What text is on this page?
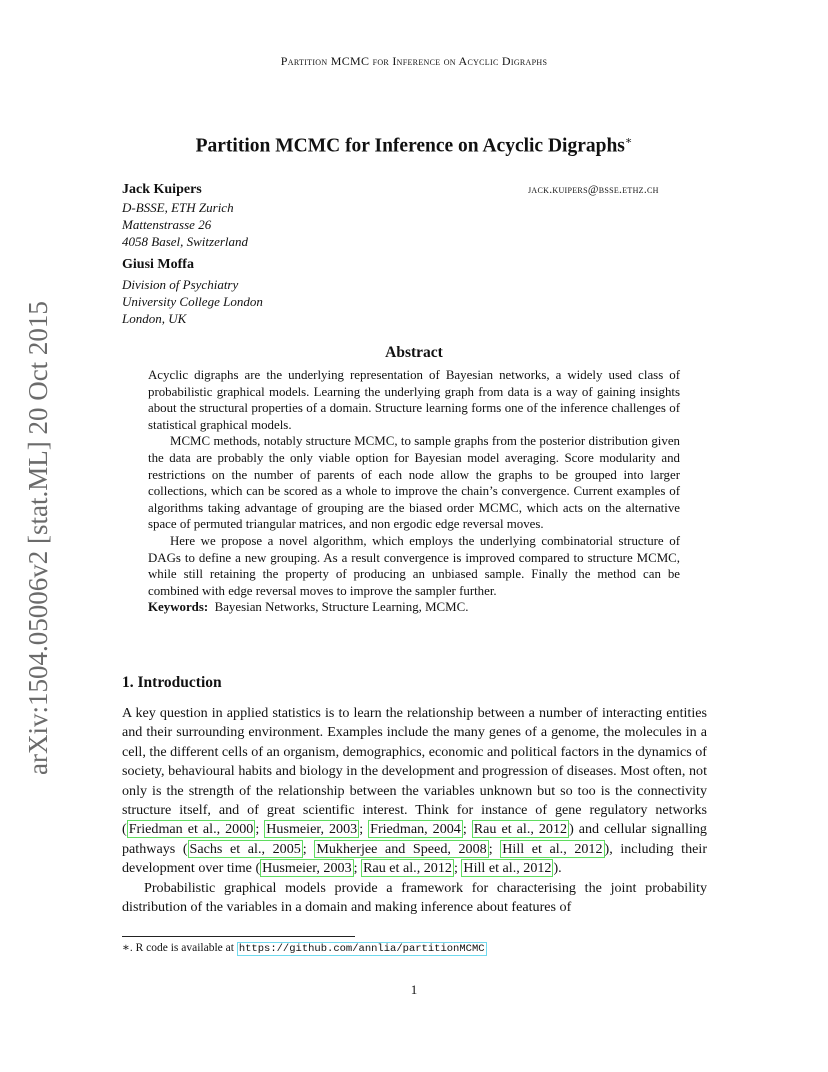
Partition MCMC for Inference on Acyclic Digraphs
arXiv:1504.05006v2 [stat.ML] 20 Oct 2015
Partition MCMC for Inference on Acyclic Digraphs∗
Jack Kuipers	jack.kuipers@bsse.ethz.ch
D-BSSE, ETH Zurich
Mattenstrasse 26
4058 Basel, Switzerland
Giusi Moffa
Division of Psychiatry
University College London
London, UK
Abstract

Acyclic digraphs are the underlying representation of Bayesian networks, a widely used class of probabilistic graphical models. Learning the underlying graph from data is a way of gaining insights about the structural properties of a domain. Structure learning forms one of the inference challenges of statistical graphical models.

MCMC methods, notably structure MCMC, to sample graphs from the posterior distribution given the data are probably the only viable option for Bayesian model averaging. Score modularity and restrictions on the number of parents of each node allow the graphs to be grouped into larger collections, which can be scored as a whole to improve the chain’s convergence. Current examples of algorithms taking advantage of grouping are the biased order MCMC, which acts on the alternative space of permuted triangular matrices, and non ergodic edge reversal moves.

Here we propose a novel algorithm, which employs the underlying combinatorial structure of DAGs to define a new grouping. As a result convergence is improved compared to structure MCMC, while still retaining the property of producing an unbiased sample. Finally the method can be combined with edge reversal moves to improve the sampler further.

Keywords: Bayesian Networks, Structure Learning, MCMC.

1. Introduction

A key question in applied statistics is to learn the relationship between a number of interacting entities and their surrounding environment. Examples include the many genes of a genome, the molecules in a cell, the different cells of an organism, demographics, economic and political factors in the dynamics of society, behavioural habits and biology in the development and progression of diseases. Most often, not only is the strength of the relationship between the variables unknown but so too is the connectivity structure itself, and of great scientific interest. Think for instance of gene regulatory networks ( Friedman et al., 2000 ; Husmeier, 2003 ; Friedman, 2004 ; Rau et al., 2012 ) and cellular signalling pathways ( Sachs et al., 2005 ; Mukherjee and Speed, 2008 ; Hill et al., 2012 ), including their development over time ( Husmeier, 2003 ; Rau et al., 2012 ; Hill et al., 2012 ).

Probabilistic graphical models provide a framework for characterising the joint probability distribution of the variables in a domain and making inference about features of

∗. R code is available at https://github.com/annlia/partitionMCMC
1
